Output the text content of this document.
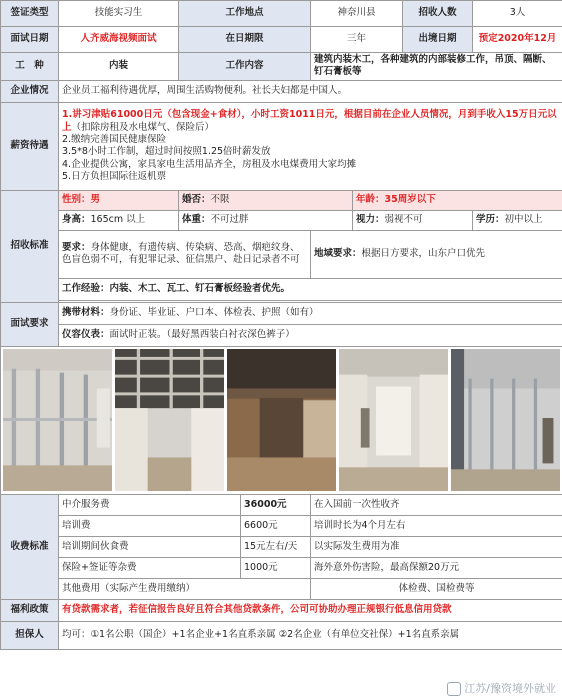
签证类型	技能实习生	工作地点		神奈川县		招收人数	3人	
面试日期	人齐威海视频面试	在日期限		三年		出境日期	预定2020年12月	
工　种	内装	工作内容		建筑内装木工，各种建筑的内部装修工作，吊顶、隔断、钉石膏板等				
企业情况	企业员工福利待遇优厚，周围生活购物便利。社长夫妇都是中国人。							
薪资待遇	1.讲习津贴61000日元（包含现金+食材），小时工资1011日元，根据目前在企业人员情况，月到手收入15万日元以上（扣除房租及水电煤气、保险后）
2.缴纳完善国民健康保险
3.5*8小时工作制，超过时间按照1.25倍时薪发放
4.企业提供公寓，家具家电生活用品齐全，房租及水电煤费用大家均摊
5.日方负担国际往返机票							

招收标准	性别：男	婚否：不限			年龄：35周岁以下			
	身高：165cm 以上	体重：不可过胖			视力：弱视不可		学历：初中以上	
	要求：身体健康，有遗传病、传染病、恐高、烟疤纹身、色盲色弱不可，有犯罪记录、征信黑户、赴日记录者不可			地域要求：根据日方要求，山东户口优先				
	工作经验：内装、木工、瓦工、钉石膏板经验者优先。							

面试要求	携带材料：身份证、毕业证、户口本、体检表、护照（如有）							
	仪容仪表：面试时正装。（最好黑西装白衬衣深色裤子）							

收费标准	中介服务费		36000元	在入国前一次性收齐				
	培训费		6600元	培训时长为4个月左右				
	培训期间伙食费		15元左右/天	以实际发生费用为准				
	保险+签证等杂费		1000元	海外意外伤害险，最高保额20万元				
	其他费用（实际产生费用缴纳）			体检费、国检费等				
福利政策	有贷款需求者，若征信报告良好且符合其他贷款条件，公司可协助办理正规银行低息信用贷款							
担保人	均可：①1名公职（国企）+1名企业+1名直系亲属 ②2名企业（有单位交社保）+1名直系亲属							
江苏/豫资境外就业
